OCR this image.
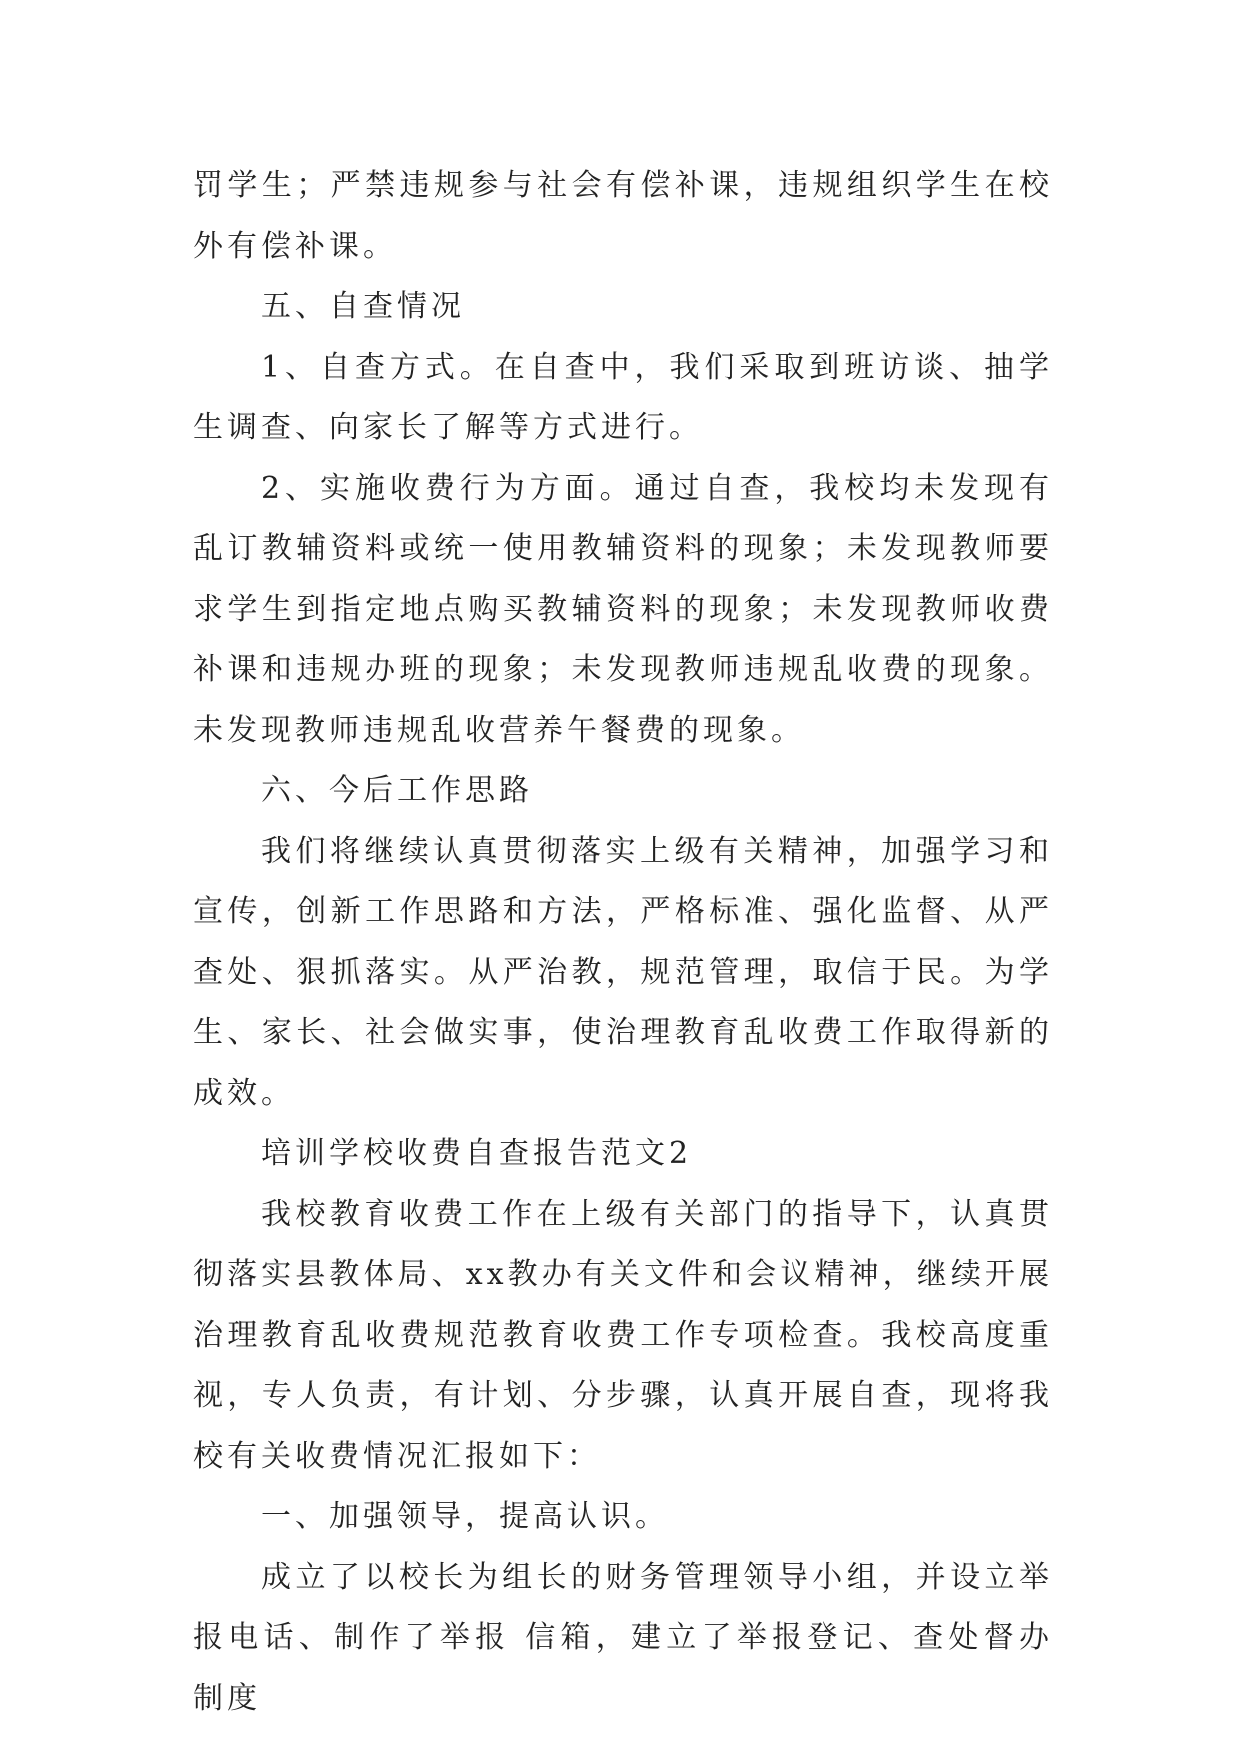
罚学生；严禁违规参与社会有偿补课，违规组织学生在校外有偿补课。

五、自查情况

1、自查方式。在自查中，我们采取到班访谈、抽学生调查、向家长了解等方式进行。

2、实施收费行为方面。通过自查，我校均未发现有乱订教辅资料或统一使用教辅资料的现象；未发现教师要求学生到指定地点购买教辅资料的现象；未发现教师收费补课和违规办班的现象；未发现教师违规乱收费的现象。未发现教师违规乱收营养午餐费的现象。

六、今后工作思路

我们将继续认真贯彻落实上级有关精神，加强学习和宣传，创新工作思路和方法，严格标准、强化监督、从严查处、狠抓落实。从严治教，规范管理，取信于民。为学生、家长、社会做实事，使治理教育乱收费工作取得新的成效。

培训学校收费自查报告范文2

我校教育收费工作在上级有关部门的指导下，认真贯彻落实县教体局、xx教办有关文件和会议精神，继续开展治理教育乱收费规范教育收费工作专项检查。我校高度重视，专人负责，有计划、分步骤，认真开展自查，现将我校有关收费情况汇报如下：

一、加强领导，提高认识。

成立了以校长为组长的财务管理领导小组，并设立举报电话、制作了举报 信箱，建立了举报登记、查处督办制度
